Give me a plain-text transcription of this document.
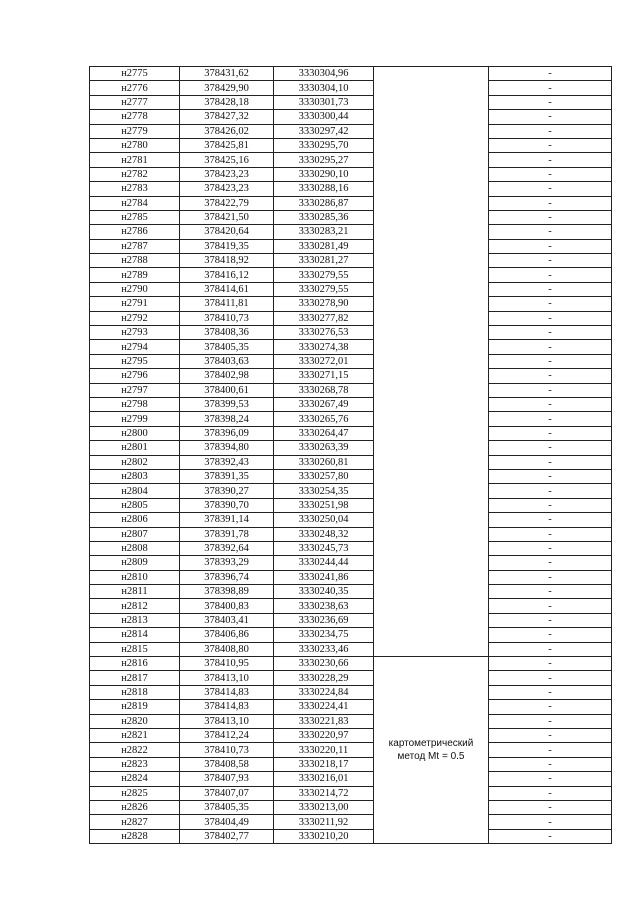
н2775	378431,62	3330304,96		-
н2776	378429,90	3330304,10		-
н2777	378428,18	3330301,73		-
н2778	378427,32	3330300,44		-
н2779	378426,02	3330297,42		-
н2780	378425,81	3330295,70		-
н2781	378425,16	3330295,27		-
н2782	378423,23	3330290,10		-
н2783	378423,23	3330288,16		-
н2784	378422,79	3330286,87		-
н2785	378421,50	3330285,36		-
н2786	378420,64	3330283,21		-
н2787	378419,35	3330281,49		-
н2788	378418,92	3330281,27		-
н2789	378416,12	3330279,55		-
н2790	378414,61	3330279,55		-
н2791	378411,81	3330278,90		-
н2792	378410,73	3330277,82		-
н2793	378408,36	3330276,53		-
н2794	378405,35	3330274,38		-
н2795	378403,63	3330272,01		-
н2796	378402,98	3330271,15		-
н2797	378400,61	3330268,78		-
н2798	378399,53	3330267,49		-
н2799	378398,24	3330265,76		-
н2800	378396,09	3330264,47		-
н2801	378394,80	3330263,39		-
н2802	378392,43	3330260,81		-
н2803	378391,35	3330257,80		-
н2804	378390,27	3330254,35		-
н2805	378390,70	3330251,98		-
н2806	378391,14	3330250,04		-
н2807	378391,78	3330248,32		-
н2808	378392,64	3330245,73		-
н2809	378393,29	3330244,44		-
н2810	378396,74	3330241,86		-
н2811	378398,89	3330240,35		-
н2812	378400,83	3330238,63		-
н2813	378403,41	3330236,69		-
н2814	378406,86	3330234,75		-
н2815	378408,80	3330233,46		-
н2816	378410,95	3330230,66	картометрический
метод Mt = 0.5	-
н2817	378413,10	3330228,29		-
н2818	378414,83	3330224,84		-
н2819	378414,83	3330224,41		-
н2820	378413,10	3330221,83		-
н2821	378412,24	3330220,97		-
н2822	378410,73	3330220,11		-
н2823	378408,58	3330218,17		-
н2824	378407,93	3330216,01		-
н2825	378407,07	3330214,72		-
н2826	378405,35	3330213,00		-
н2827	378404,49	3330211,92		-
н2828	378402,77	3330210,20		-
